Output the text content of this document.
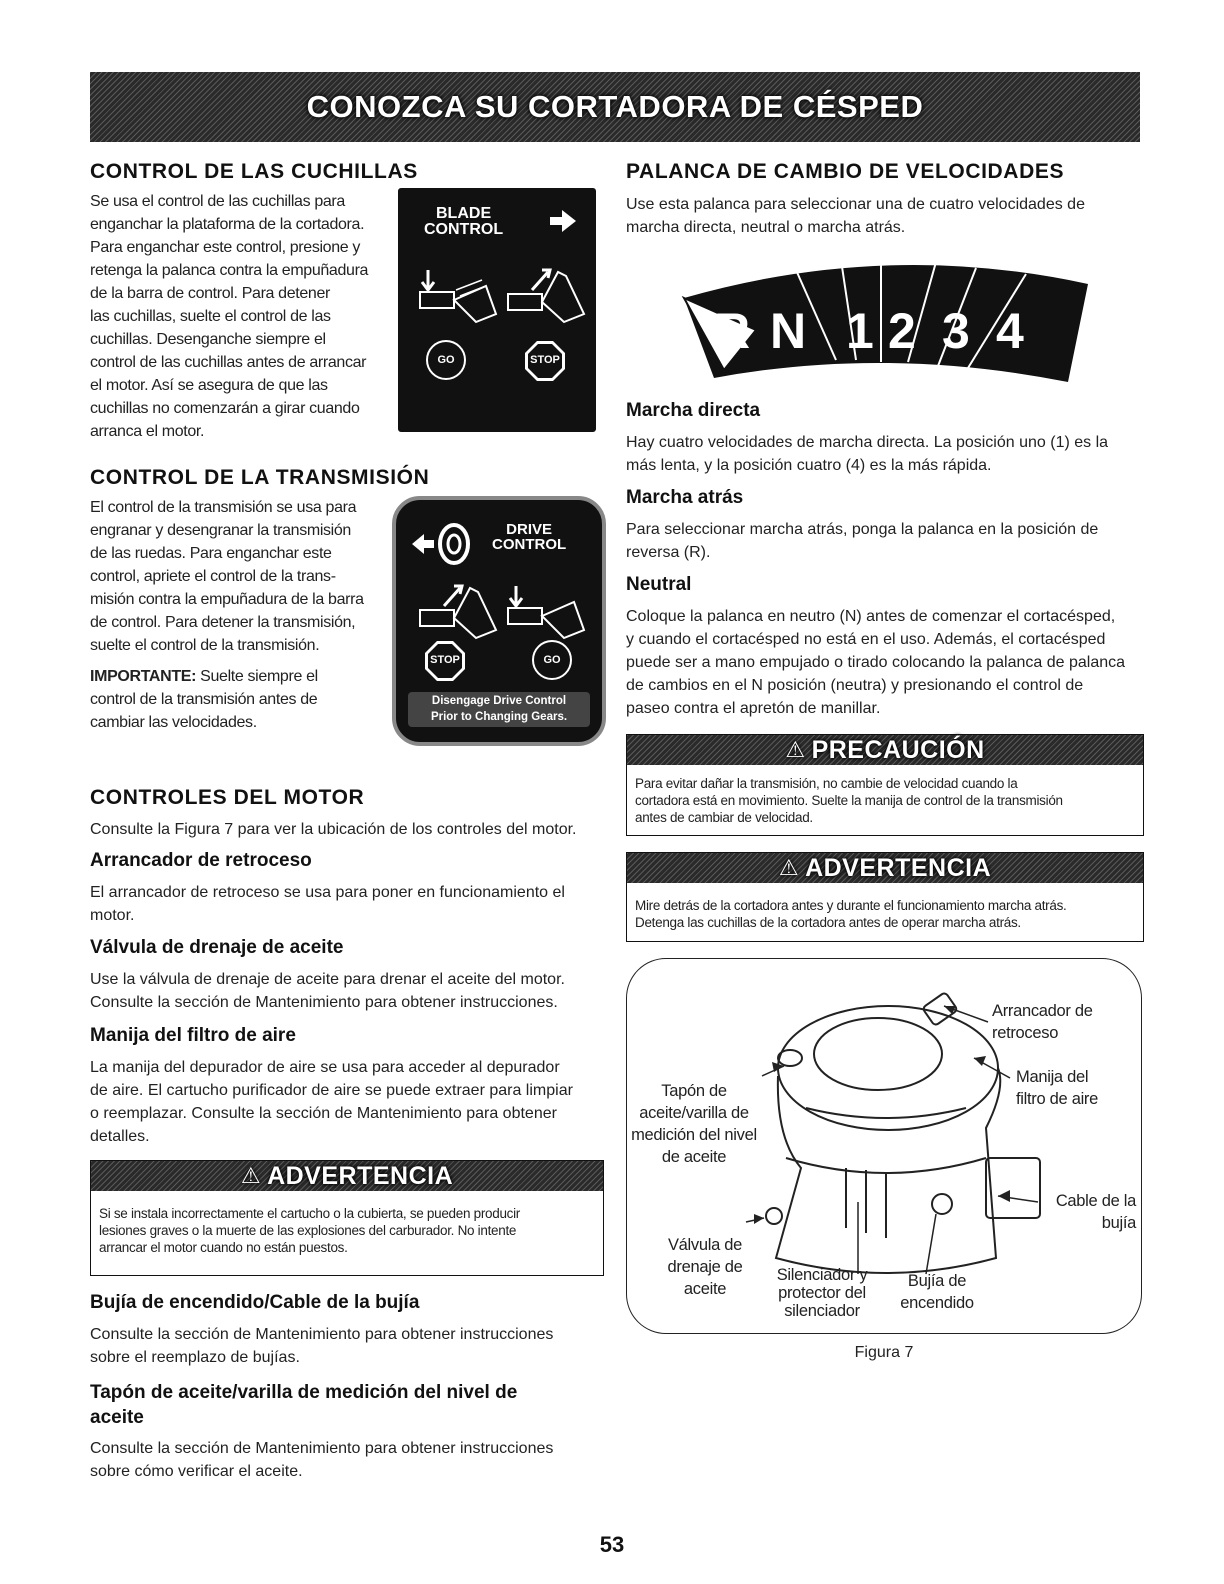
CONOZCA SU CORTADORA DE CÉSPED
CONTROL DE LAS CUCHILLAS

Se usa el control de las cuchillas para

enganchar la plataforma de la cortadora.

Para enganchar este control, presione y

retenga la palanca contra la empuñadura

de la barra de control. Para detener

las cuchillas, suelte el control de las

cuchillas. Desenganche siempre el

control de las cuchillas antes de arrancar

el motor. Así se asegura de que las

cuchillas no comenzarán a girar cuando

arranca el motor.

BLADE
CONTROL
GO	STOP
CONTROL DE LA TRANSMISIÓN

El control de la transmisión se usa para

engranar y desengranar la transmisión

de las ruedas. Para enganchar este

control, apriete el control de la trans-

misión contra la empuñadura de la barra

de control. Para detener la transmisión,

suelte el control de la transmisión.

IMPORTANTE: Suelte siempre el

control de la transmisión antes de

cambiar las velocidades.

DRIVE
CONTROL
STOP	GO
Disengage Drive Control
Prior to Changing Gears.
CONTROLES DEL MOTOR

Consulte la Figura 7 para ver la ubicación de los controles del motor.

Arrancador de retroceso

El arrancador de retroceso se usa para poner en funcionamiento el

motor.

Válvula de drenaje de aceite

Use la válvula de drenaje de aceite para drenar el aceite del motor.

Consulte la sección de Mantenimiento para obtener instrucciones.

Manija del filtro de aire

La manija del depurador de aire se usa para acceder al depurador

de aire. El cartucho purificador de aire se puede extraer para limpiar

o reemplazar. Consulte la sección de Mantenimiento para obtener

detalles.

⚠ ADVERTENCIA
Si se instala incorrectamente el cartucho o la cubierta, se pueden producir
lesiones graves o la muerte de las explosiones del carburador. No intente
arrancar el motor cuando no están puestos.
Bujía de encendido/Cable de la bujía

Consulte la sección de Mantenimiento para obtener instrucciones

sobre el reemplazo de bujías.

Tapón de aceite/varilla de medición del nivel de
aceite

Consulte la sección de Mantenimiento para obtener instrucciones

sobre cómo verificar el aceite.

PALANCA DE CAMBIO DE VELOCIDADES

Use esta palanca para seleccionar una de cuatro velocidades de

marcha directa, neutral o marcha atrás.

R N 1 2 3 4
Marcha directa

Hay cuatro velocidades de marcha directa. La posición uno (1) es la

más lenta, y la posición cuatro (4) es la más rápida.

Marcha atrás

Para seleccionar marcha atrás, ponga la palanca en la posición de

reversa (R).

Neutral

Coloque la palanca en neutro (N) antes de comenzar el cortacésped,

y cuando el cortacésped no está en el uso. Además, el cortacésped

puede ser a mano empujado o tirado colocando la palanca de palanca

de cambios en el N posición (neutra) y presionando el control de

paseo contra el apretón de manillar.

⚠ PRECAUCIÓN
Para evitar dañar la transmisión, no cambie de velocidad cuando la
cortadora está en movimiento. Suelte la manija de control de la transmisión
antes de cambiar de velocidad.
⚠ ADVERTENCIA
Mire detrás de la cortadora antes y durante el funcionamiento marcha atrás.
Detenga las cuchillas de la cortadora antes de operar marcha atrás.
Arrancador de
retroceso
Manija del
filtro de aire
Tapón de
aceite/varilla de
medición del nivel
de aceite
Cable de la
bujía
Válvula de
drenaje de
aceite
Silenciador y
protector del
silenciador
Bujía de
encendido
Figura 7
53
